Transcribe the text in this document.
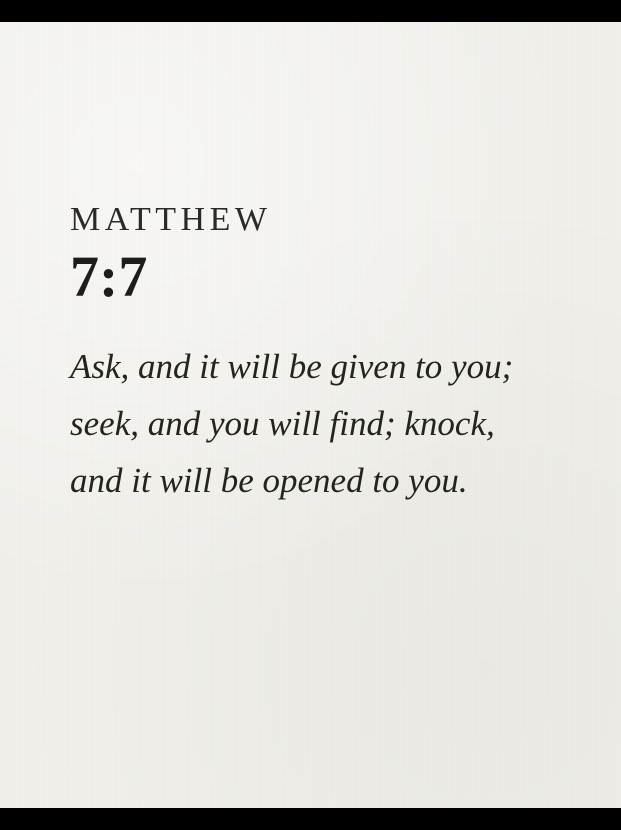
MATTHEW
7:7

Ask, and it will be given to you; seek, and you will find; knock, and it will be opened to you.
